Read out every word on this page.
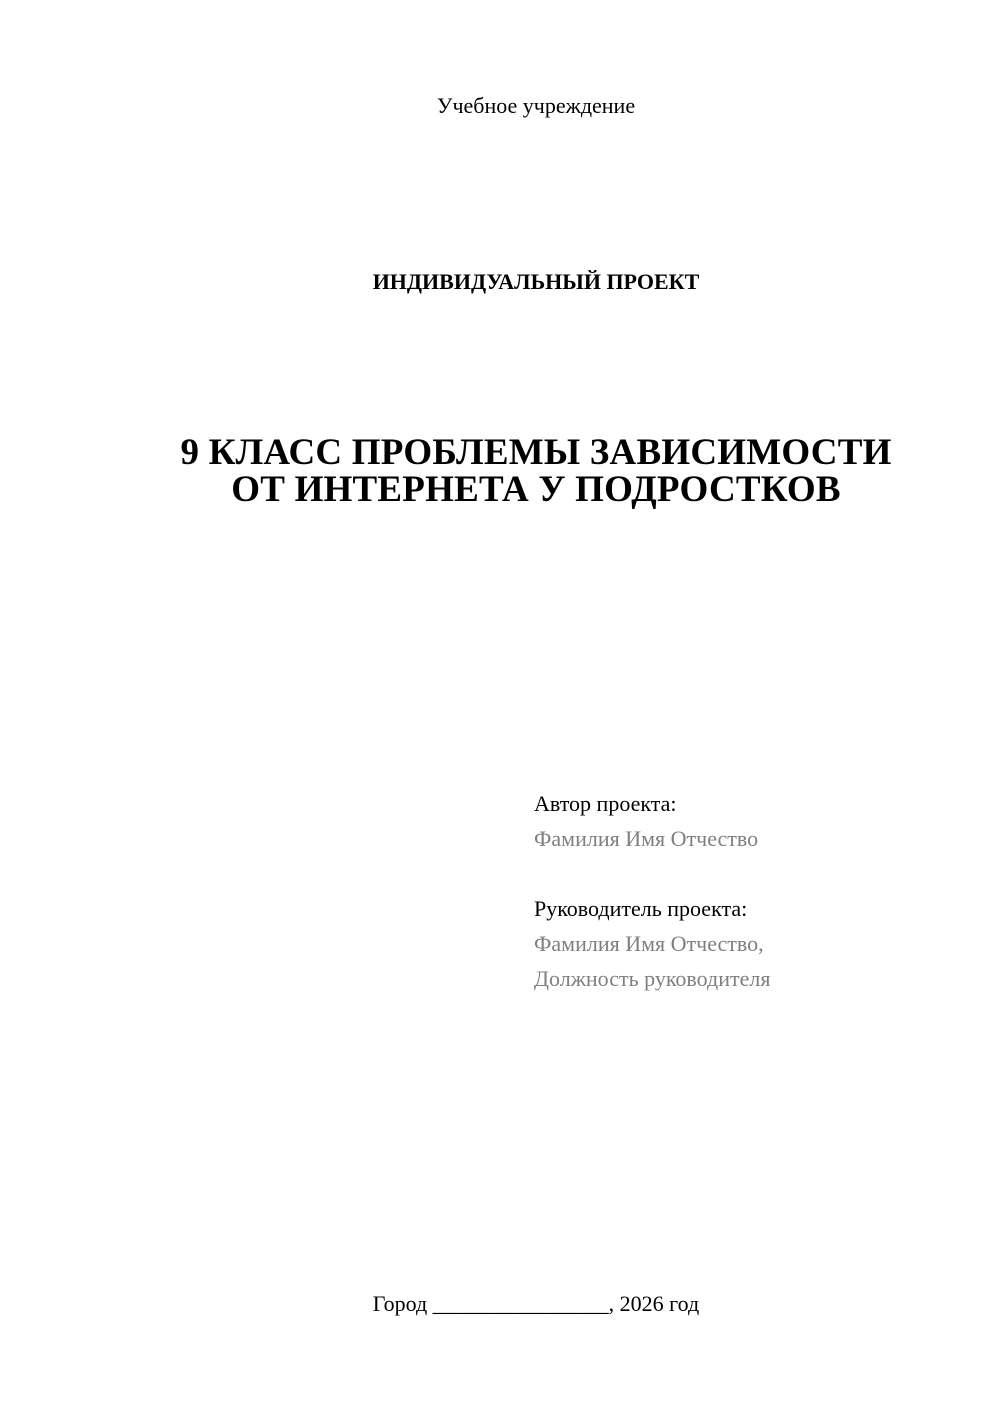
Учебное учреждение
ИНДИВИДУАЛЬНЫЙ ПРОЕКТ
9 КЛАСС ПРОБЛЕМЫ ЗАВИСИМОСТИ
ОТ ИНТЕРНЕТА У ПОДРОСТКОВ
Автор проекта:
Фамилия Имя Отчество
Руководитель проекта:
Фамилия Имя Отчество,
Должность руководителя
Город ________________, 2026 год
